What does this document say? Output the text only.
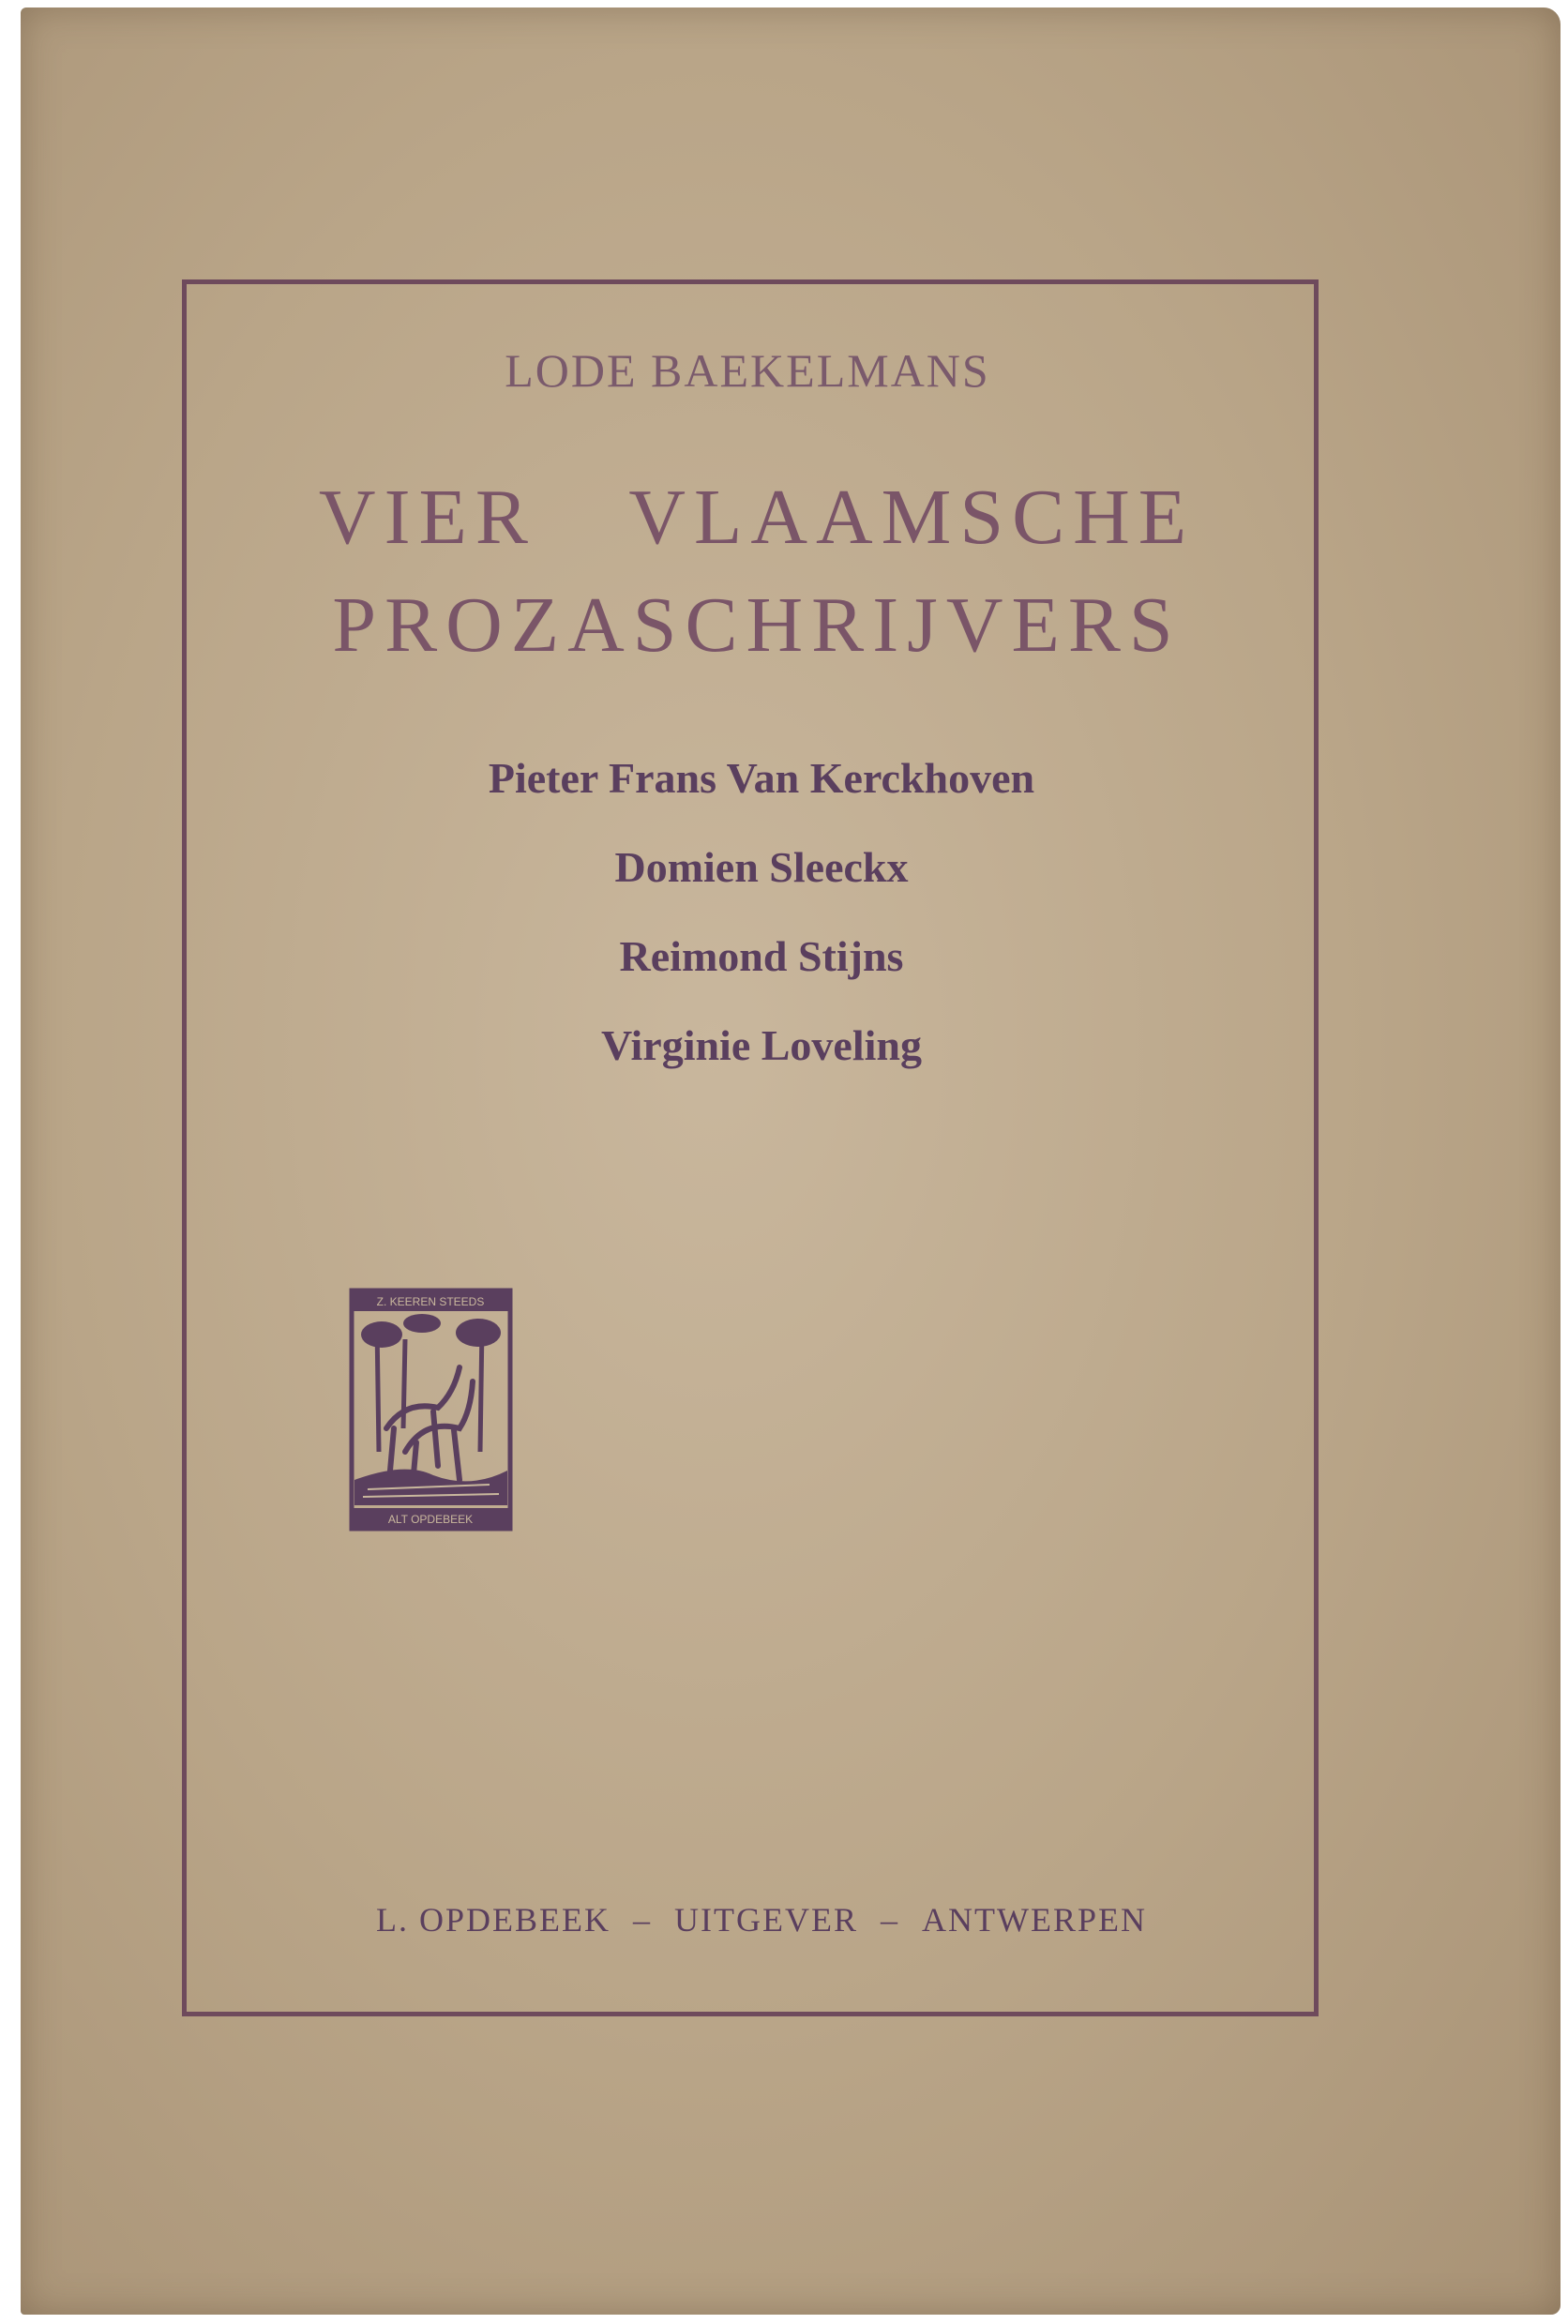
LODE BAEKELMANS
VIER VLAAMSCHE
PROZASCHRIJVERS
Pieter Frans Van Kerckhoven
Domien Sleeckx
Reimond Stijns
Virginie Loveling
Z. KEEREN STEEDS
ALT OPDEBEEK
L. OPDEBEEK – UITGEVER – ANTWERPEN
